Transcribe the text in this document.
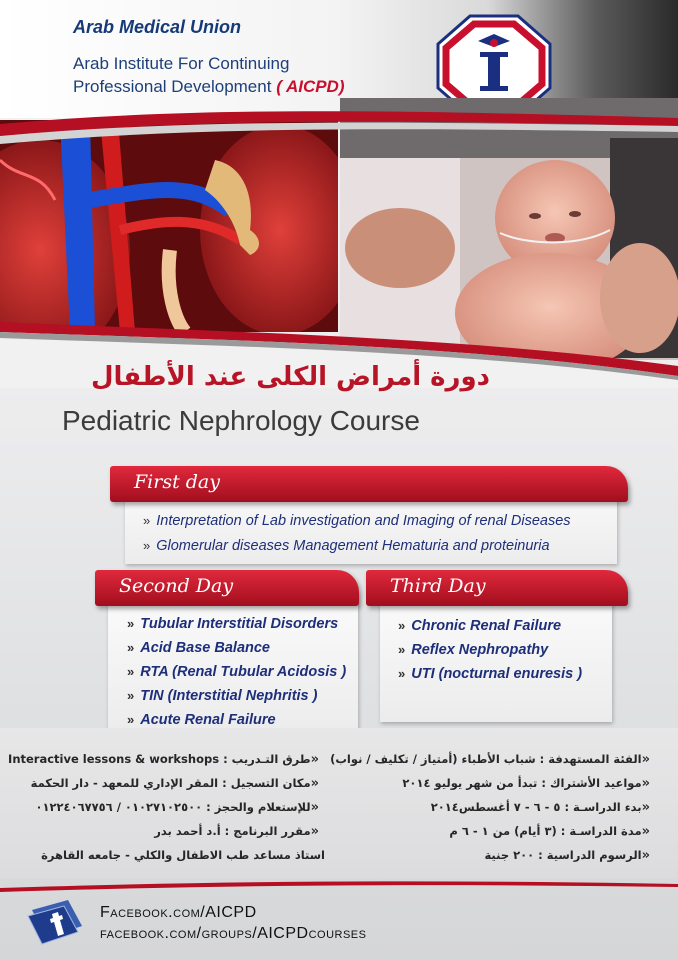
Arab Medical Union
Arab Institute For Continuing
Professional Development ( AICPD)
دورة أمراض الكلى عند الأطفال
Pediatric Nephrology Course
First day
» Interpretation of Lab investigation and Imaging of renal Diseases
» Glomerular diseases Management Hematuria and proteinuria
Second Day
» Tubular Interstitial Disorders
» Acid Base Balance
» RTA (Renal Tubular Acidosis )
» TIN (Interstitial Nephritis )
» Acute Renal Failure
Third Day
» Chronic Renal Failure
» Reflex Nephropathy
» UTI (nocturnal enuresis )
«الفئة المستهدفة : شباب الأطباء (أمتياز / تكليف / نواب)
«مواعيد الأشتراك : تبدأ من شهر يوليو ٢٠١٤
«بدء الدراسـة : ٥ - ٦ - ٧ أغسطس٢٠١٤
«مدة الدراسـة : (٣ أيام) من ١ - ٦ م
«الرسوم الدراسية : ٢٠٠ جنية
«طرق التـدريب : Interactive lessons & workshops
«مكان التسجيل : المقر الإداري للمعهد - دار الحكمة
«للإستعلام والحجز : ٠١٠٢٧١٠٢٥٠٠ / ٠١٢٢٤٠٦٧٧٥٦
«مقرر البرنامج : أ.د أحمد بدر
استاذ مساعد طب الاطفال والكلي - جامعه القاهرة
Facebook.com/AICPD
facebook.com/groups/AICPDcourses
